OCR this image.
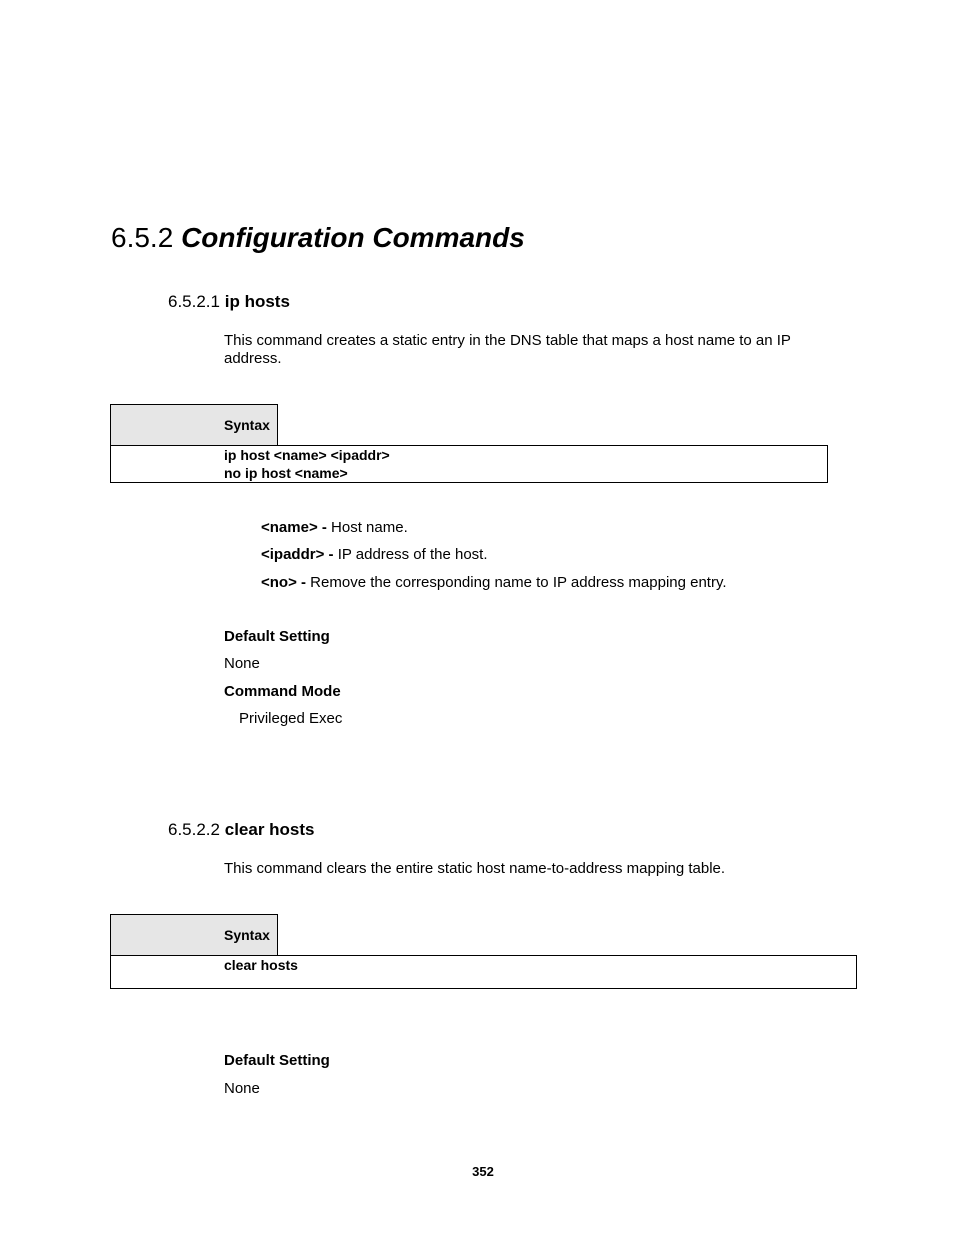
6.5.2 Configuration Commands
6.5.2.1 ip hosts
This command creates a static entry in the DNS table that maps a host name to an IP address.
Syntax
ip host <name> <ipaddr>
no ip host <name>
<name> - Host name.
<ipaddr> - IP address of the host.
<no> - Remove the corresponding name to IP address mapping entry.
Default Setting
None
Command Mode
Privileged Exec
6.5.2.2 clear hosts
This command clears the entire static host name-to-address mapping table.
Syntax
clear hosts
Default Setting
None
352
